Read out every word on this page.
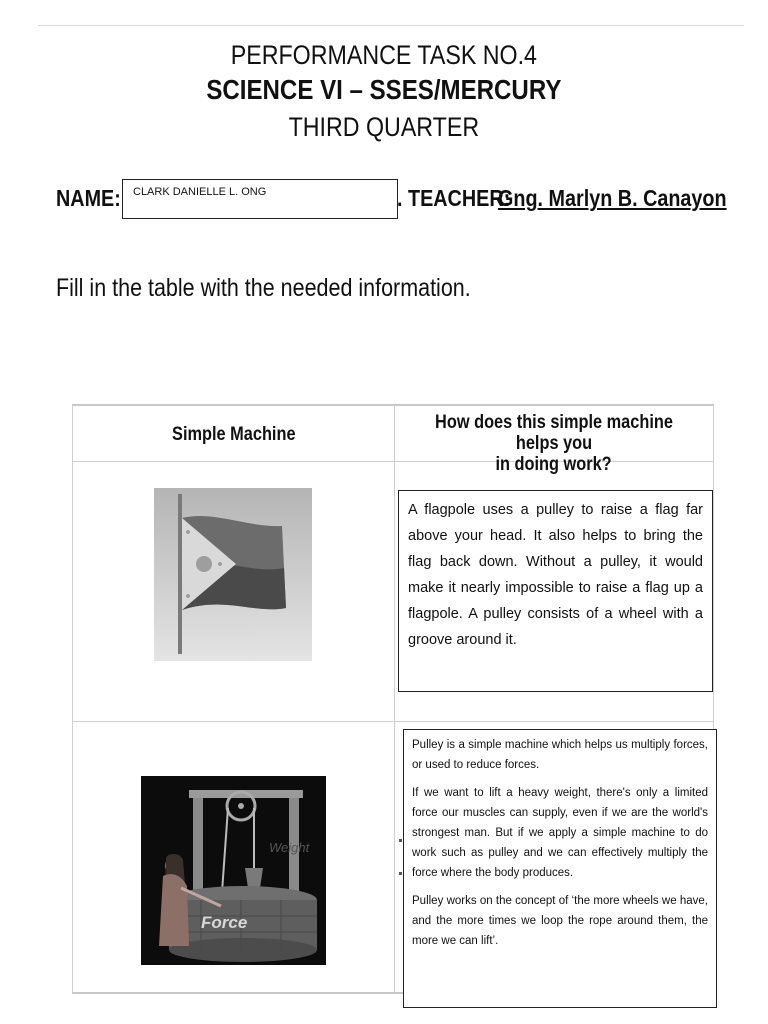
PERFORMANCE TASK NO.4
SCIENCE VI – SSES/MERCURY
THIRD QUARTER
NAME: CLARK DANIELLE L. ONG	. TEACHER:
Gng. Marlyn B. Canayon
Fill in the table with the needed information.
Simple Machine
How does this simple machine helps you
in doing work?
A flagpole uses a pulley to raise a flag far above your head. It also helps to bring the flag back down. Without a pulley, it would make it nearly impossible to raise a flag up a flagpole. A pulley consists of a wheel with a groove around it.
Weight
Force

Pulley is a simple machine which helps us multiply forces, or used to reduce forces.

If we want to lift a heavy weight, there's only a limited force our muscles can supply, even if we are the world's strongest man. But if we apply a simple machine to do work such as pulley and we can effectively multiply the force where the body produces.

Pulley works on the concept of ‘the more wheels we have, and the more times we loop the rope around them, the more we can lift’.
